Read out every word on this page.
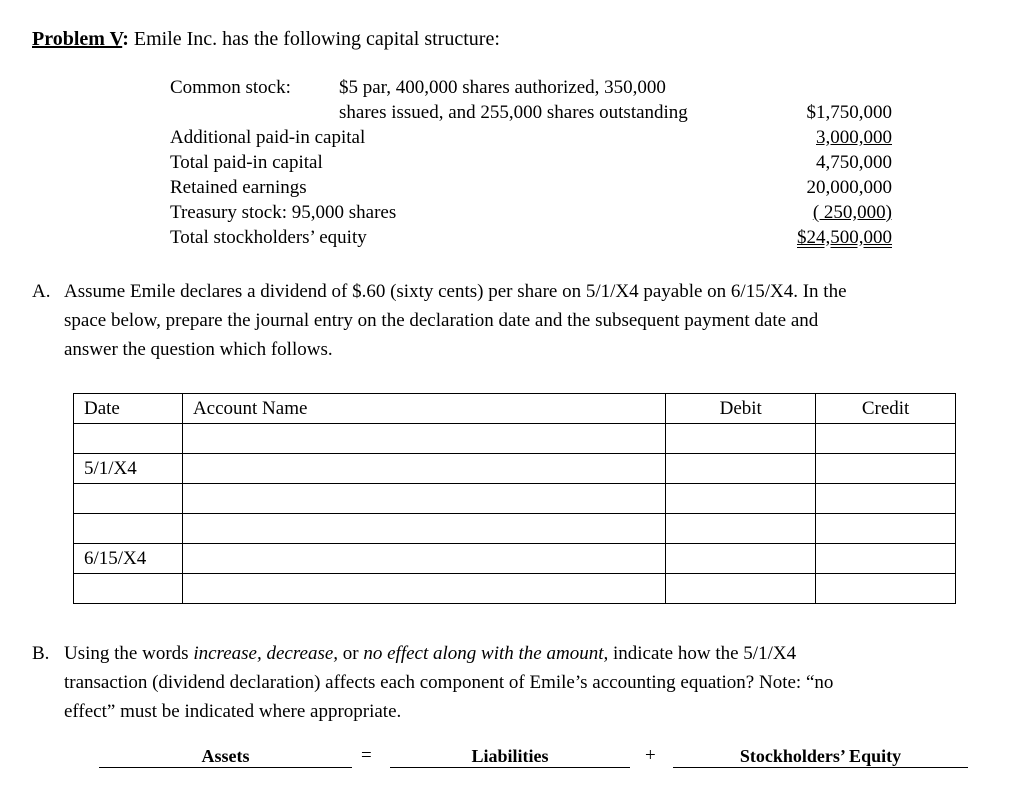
Problem V: Emile Inc. has the following capital structure:
Common stock:	$5 par, 400,000 shares authorized, 350,000
shares issued, and 255,000 shares outstanding	$1,750,000
Additional paid-in capital	3,000,000
Total paid-in capital	4,750,000
Retained earnings	20,000,000
Treasury stock: 95,000 shares	( 250,000)
Total stockholders’ equity	$24,500,000
A. Assume Emile declares a dividend of $.60 (sixty cents) per share on 5/1/X4 payable on 6/15/X4. In the
space below, prepare the journal entry on the declaration date and the subsequent payment date and
answer the question which follows.
Date	Account Name	Debit	Credit

5/1/X4			

6/15/X4			

B. Using the words increase, decrease, or no effect along with the amount, indicate how the 5/1/X4
transaction (dividend declaration) affects each component of Emile’s accounting equation? Note: “no
effect” must be indicated where appropriate.
Assets	=	Liabilities	+	Stockholders’ Equity
